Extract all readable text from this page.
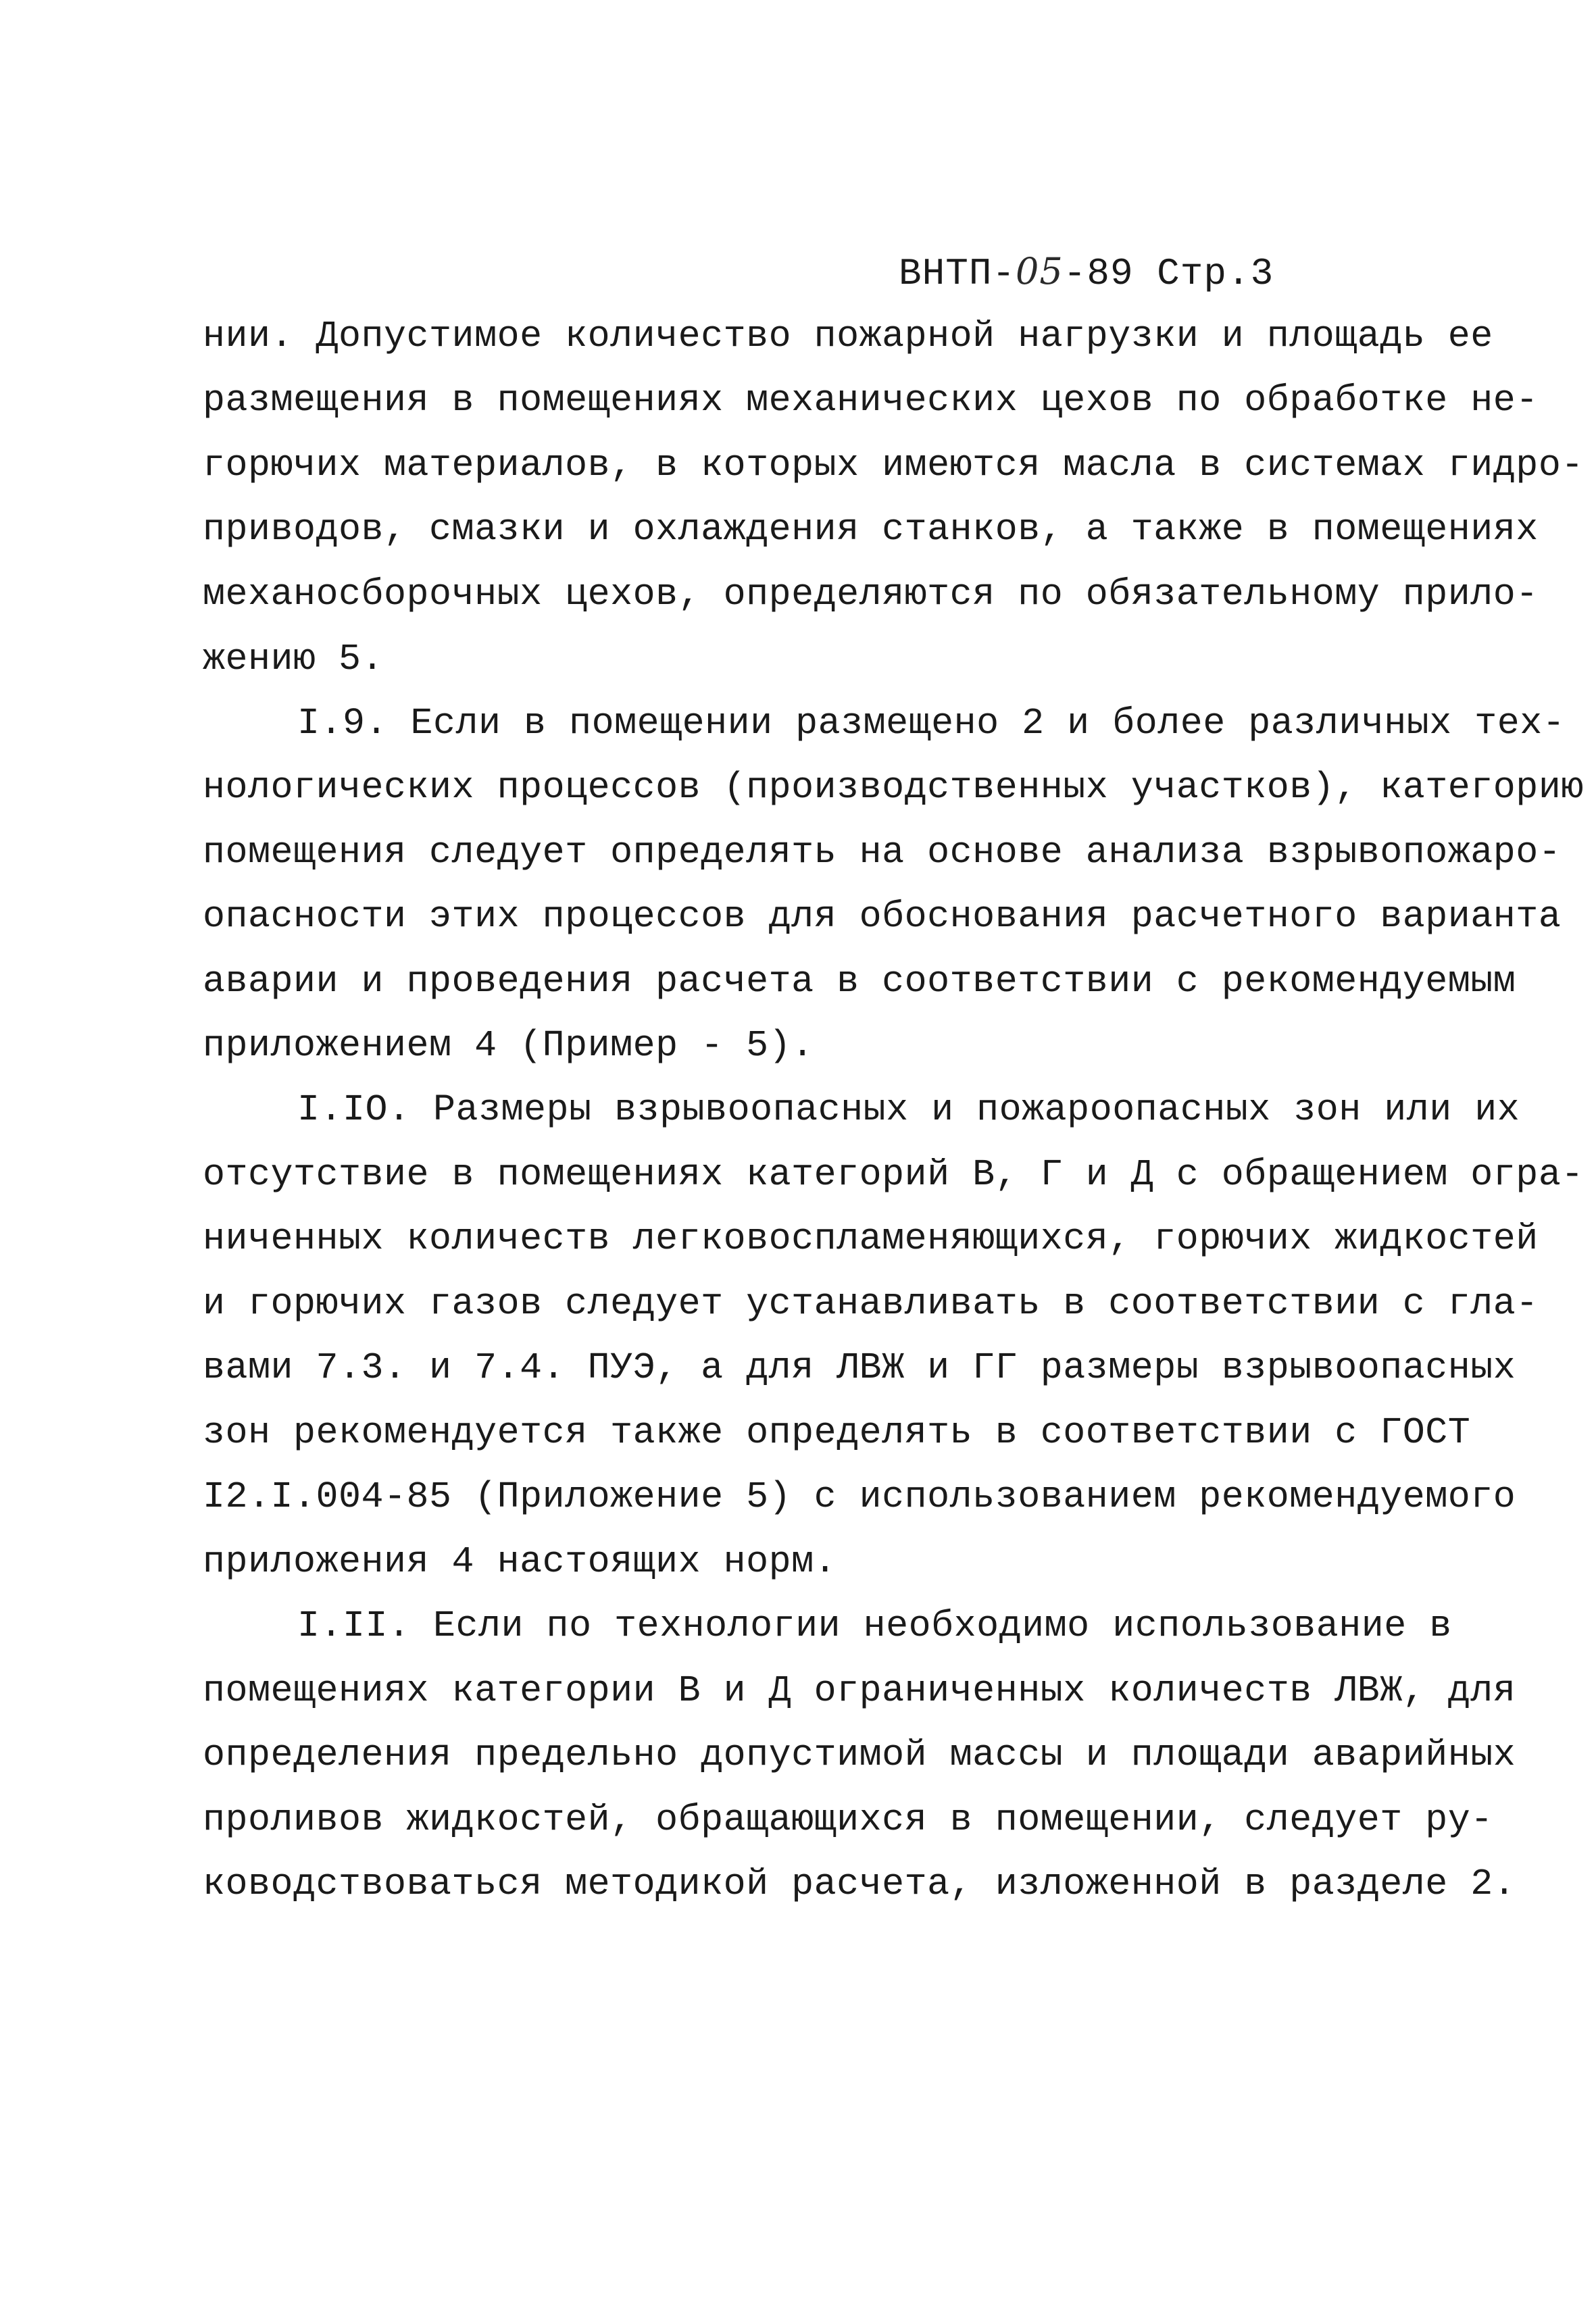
ВНТП-05-89 Стр.3
нии. Допустимое количество пожарной нагрузки и площадь ее
размещения в помещениях механических цехов по обработке не-
горючих материалов, в которых имеются масла в системах гидро-
приводов, смазки и охлаждения станков, а также в помещениях
механосборочных цехов, определяются по обязательному прило-
жению 5.
I.9. Если в помещении размещено 2 и более различных тех-
нологических процессов (производственных участков), категорию
помещения следует определять на основе анализа взрывопожаро-
опасности этих процессов для обоснования расчетного варианта
аварии и проведения расчета в соответствии с рекомендуемым
приложением 4 (Пример - 5).
I.IO. Размеры взрывоопасных и пожароопасных зон или их
отсутствие в помещениях категорий В, Г и Д с обращением огра-
ниченных количеств легковоспламеняющихся, горючих жидкостей
и горючих газов следует устанавливать в соответствии с гла-
вами 7.3. и 7.4. ПУЭ, а для ЛВЖ и ГГ размеры взрывоопасных
зон рекомендуется также определять в соответствии с ГОСТ
I2.I.004-85 (Приложение 5) с использованием рекомендуемого
приложения 4 настоящих норм.
I.II. Если по технологии необходимо использование в
помещениях категории В и Д ограниченных количеств ЛВЖ, для
определения предельно допустимой массы и площади аварийных
проливов жидкостей, обращающихся в помещении, следует ру-
ководствоваться методикой расчета, изложенной в разделе 2.
